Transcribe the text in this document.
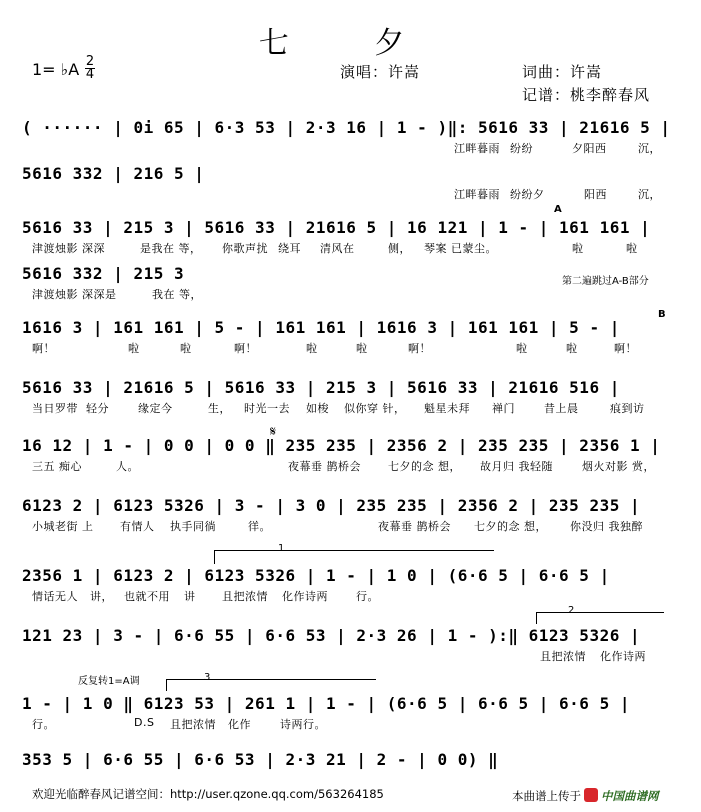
七 夕
1= ♭A 2
4	演唱：许嵩	词曲：许嵩
记谱：桃李醉春风
( ······ | 0i 65 | 6·3 53 | 2·3 16 | 1 - )‖: 5616 33 | 21616 5 |
江畔暮雨 纷纷	夕阳西	沉，
5616 332 | 216 5 |
江畔暮雨 纷纷夕	阳西	沉，
5616 33 | 215 3 | 5616 33 | 21616 5 | 16 121 | 1 - | 161 161 |
津渡烛影 深深	是我在 等， 你歌声扰 绕耳 清风在	侧， 琴案 已蒙尘。	啦	啦
5616 332 | 215 3
津渡烛影 深深是	我在 等，
1616 3 | 161 161 | 5 - | 161 161 | 1616 3 | 161 161 | 5 - |
啊！	啦	啦	啊！	啦	啦	啊！	啦	啦	啊！
5616 33 | 21616 5 | 5616 33 | 215 3 | 5616 33 | 21616 516 |
当日罗带 轻分	缘定今	生， 时光一去 如梭 似你穿 针， 魁星未拜 禅门	昔上晨	痕到访
16 12 | 1 - | 0 0 | 0 0 ‖ 235 235 | 2356 2 | 235 235 | 2356 1 |
三五 痴心	人。	夜幕垂 鹊桥会 七夕的念 想， 故月归 我轻随	烟火对影 赏，
6123 2 | 6123 5326 | 3 - | 3 0 | 235 235 | 2356 2 | 235 235 |
小城老街 上 有情人 执手同徜	徉。	夜幕垂 鹊桥会 七夕的念 想， 你没归 我独醉
2356 1 | 6123 2 | 6123 5326 | 1 - | 1 0 | (6·6 5 | 6·6 5 |
情话无人 讲， 也就不用 讲 且把浓情 化作诗两	行。
121 23 | 3 - | 6·6 55 | 6·6 53 | 2·3 26 | 1 - ):‖ 6123 5326 |
且把浓情 化作诗两
1 - | 1 0 ‖ 6123 53 | 261 1 | 1 - | (6·6 5 | 6·6 5 | 6·6 5 |
行。	D.S 且把浓情 化作	诗两行。
353 5 | 6·6 55 | 6·6 53 | 2·3 21 | 2 - | 0 0) ‖
A
B
𝄋
第二遍跳过A-B部分
反复转1=A调
1
2
3
欢迎光临醉春风记谱空间：http://user.qzone.qq.com/563264185	本曲谱上传于 中国曲谱网
